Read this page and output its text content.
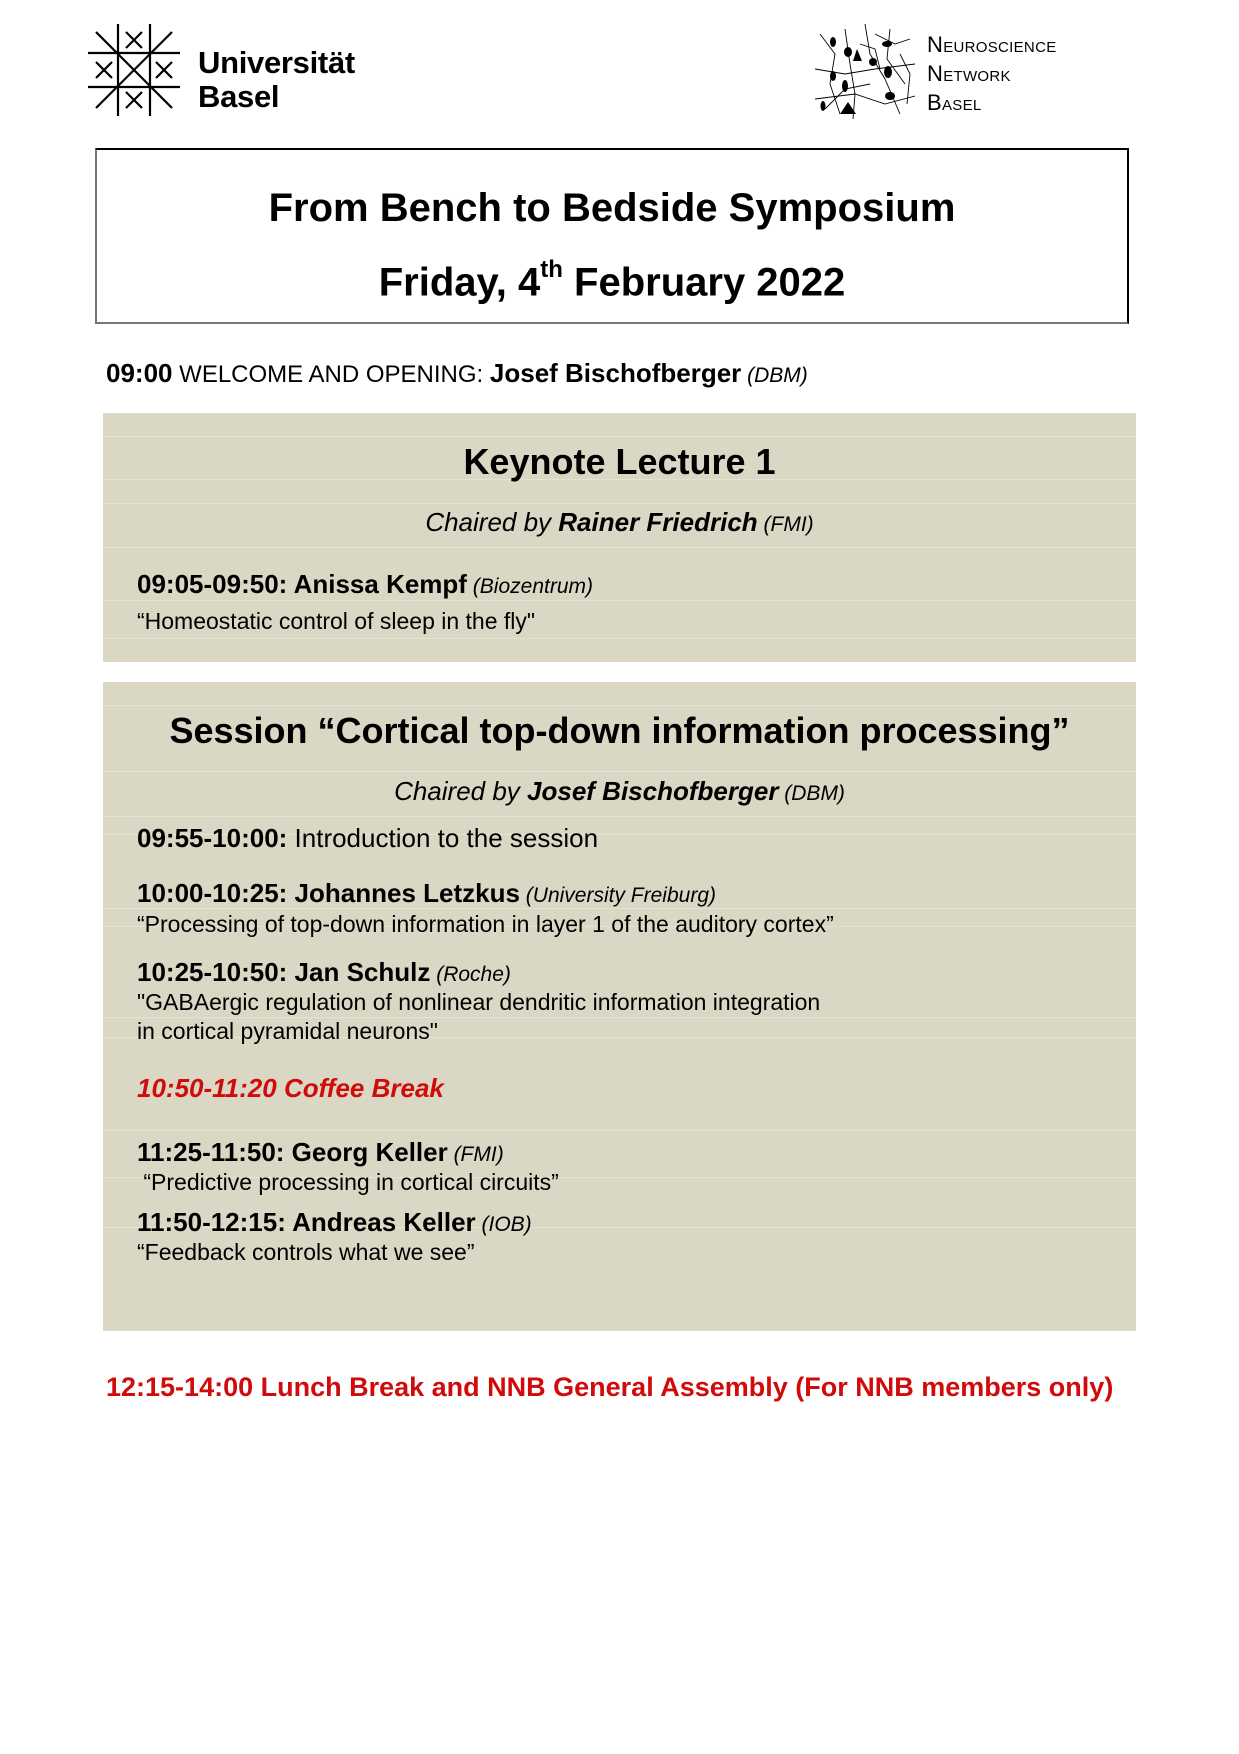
Universität
Basel
Neuroscience
Network
Basel
From Bench to Bedside Symposium
Friday, 4th February 2022
09:00 WELCOME AND OPENING: Josef Bischofberger (DBM)
Keynote Lecture 1
Chaired by Rainer Friedrich (FMI)
09:05-09:50: Anissa Kempf (Biozentrum)
“Homeostatic control of sleep in the fly"
Session “Cortical top-down information processing”
Chaired by Josef Bischofberger (DBM)
09:55-10:00: Introduction to the session
10:00-10:25: Johannes Letzkus (University Freiburg)
“Processing of top-down information in layer 1 of the auditory cortex”
10:25-10:50: Jan Schulz (Roche)
"GABAergic regulation of nonlinear dendritic information integration
in cortical pyramidal neurons"
10:50-11:20 Coffee Break
11:25-11:50: Georg Keller (FMI)
“Predictive processing in cortical circuits”
11:50-12:15: Andreas Keller (IOB)
“Feedback controls what we see”
12:15-14:00 Lunch Break and NNB General Assembly (For NNB members only)
